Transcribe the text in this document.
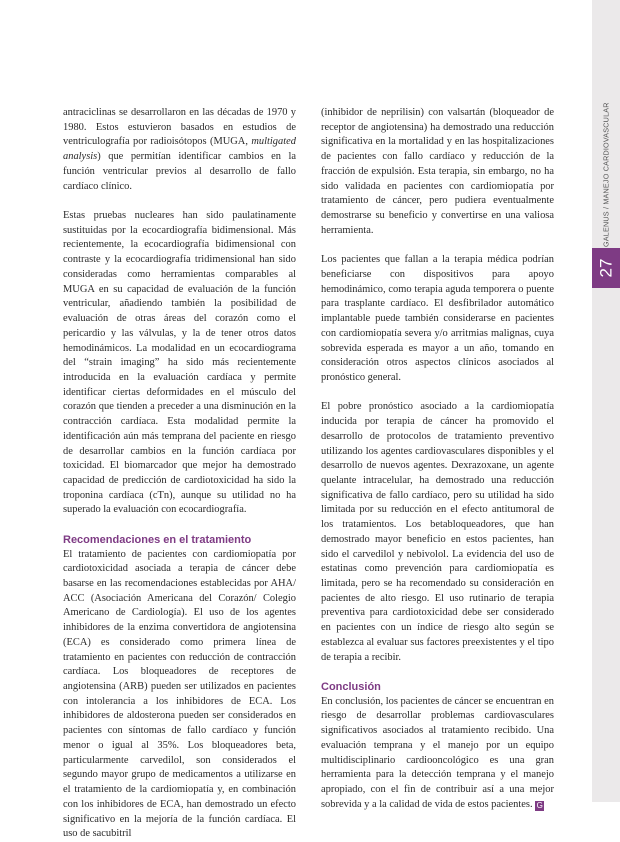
GALENUS / MANEJO CARDIOVASCULAR
27

antraciclinas se desarrollaron en las décadas de 1970 y 1980. Estos estuvieron basados en estudios de ventriculografía por radioisótopos (MUGA, multigated analysis) que permitían identificar cambios en la función ventricular previos al desarrollo de fallo cardíaco clínico.

Estas pruebas nucleares han sido paulatinamente sustituidas por la ecocardiografía bidimensional. Más recientemente, la ecocardiografía bidimensional con contraste y la ecocardiografía tridimensional han sido consideradas como herramientas comparables al MUGA en su capacidad de evaluación de la función ventricular, añadiendo también la posibilidad de evaluación de otras áreas del corazón como el pericardio y las válvulas, y la de tener otros datos hemodinámicos. La modalidad en un ecocardiograma del “strain imaging” ha sido más recientemente introducida en la evaluación cardíaca y permite identificar ciertas deformidades en el músculo del corazón que tienden a preceder a una disminución en la contracción cardíaca. Esta modalidad permite la identificación aún más temprana del paciente en riesgo de desarrollar cambios en la función cardíaca por toxicidad. El biomarcador que mejor ha demostrado capacidad de predicción de cardiotoxicidad ha sido la troponina cardíaca (cTn), aunque su utilidad no ha superado la evaluación con ecocardiografía.

Recomendaciones en el tratamiento

El tratamiento de pacientes con cardiomiopatía por cardiotoxicidad asociada a terapia de cáncer debe basarse en las recomendaciones establecidas por AHA/ ACC (Asociación Americana del Corazón/ Colegio Americano de Cardiología). El uso de los agentes inhibidores de la enzima convertidora de angiotensina (ECA) es considerado como primera línea de tratamiento en pacientes con reducción de contracción cardíaca. Los bloqueadores de receptores de angiotensina (ARB) pueden ser utilizados en pacientes con intolerancia a los inhibidores de ECA. Los inhibidores de aldosterona pueden ser considerados en pacientes con síntomas de fallo cardíaco y función menor o igual al 35%. Los bloqueadores beta, particularmente carvedilol, son considerados el segundo mayor grupo de medicamentos a utilizarse en el tratamiento de la cardiomiopatía y, en combinación con los inhibidores de ECA, han demostrado un efecto significativo en la mejoría de la función cardíaca. El uso de sacubitril

(inhibidor de neprilisin) con valsartán (bloqueador de receptor de angiotensina) ha demostrado una reducción significativa en la mortalidad y en las hospitalizaciones de pacientes con fallo cardíaco y reducción de la fracción de expulsión. Esta terapia, sin embargo, no ha sido validada en pacientes con cardiomiopatía por tratamiento de cáncer, pero pudiera eventualmente demostrarse su beneficio y convertirse en una valiosa herramienta.

Los pacientes que fallan a la terapia médica podrían beneficiarse con dispositivos para apoyo hemodinámico, como terapia aguda temporera o puente para trasplante cardíaco. El desfibrilador automático implantable puede también considerarse en pacientes con cardiomiopatía severa y/o arritmias malignas, cuya sobrevida esperada es mayor a un año, tomando en consideración otros aspectos clínicos asociados al pronóstico general.

El pobre pronóstico asociado a la cardiomiopatía inducida por terapia de cáncer ha promovido el desarrollo de protocolos de tratamiento preventivo utilizando los agentes cardiovasculares disponibles y el desarrollo de nuevos agentes. Dexrazoxane, un agente quelante intracelular, ha demostrado una reducción significativa de fallo cardíaco, pero su utilidad ha sido limitada por su reducción en el efecto antitumoral de los tratamientos. Los betabloqueadores, que han demostrado mayor beneficio en estos pacientes, han sido el carvedilol y nebivolol. La evidencia del uso de estatinas como prevención para cardiomiopatía es limitada, pero se ha recomendado su consideración en pacientes de alto riesgo. El uso rutinario de terapia preventiva para cardiotoxicidad debe ser considerado en pacientes con un índice de riesgo alto según se establezca al evaluar sus factores preexistentes y el tipo de terapia a recibir.

Conclusión

En conclusión, los pacientes de cáncer se encuentran en riesgo de desarrollar problemas cardiovasculares significativos asociados al tratamiento recibido. Una evaluación temprana y el manejo por un equipo multidisciplinario cardiooncológico es una gran herramienta para la detección temprana y el manejo apropiado, con el fin de contribuir así a una mejor sobrevida y a la calidad de vida de estos pacientes. G
